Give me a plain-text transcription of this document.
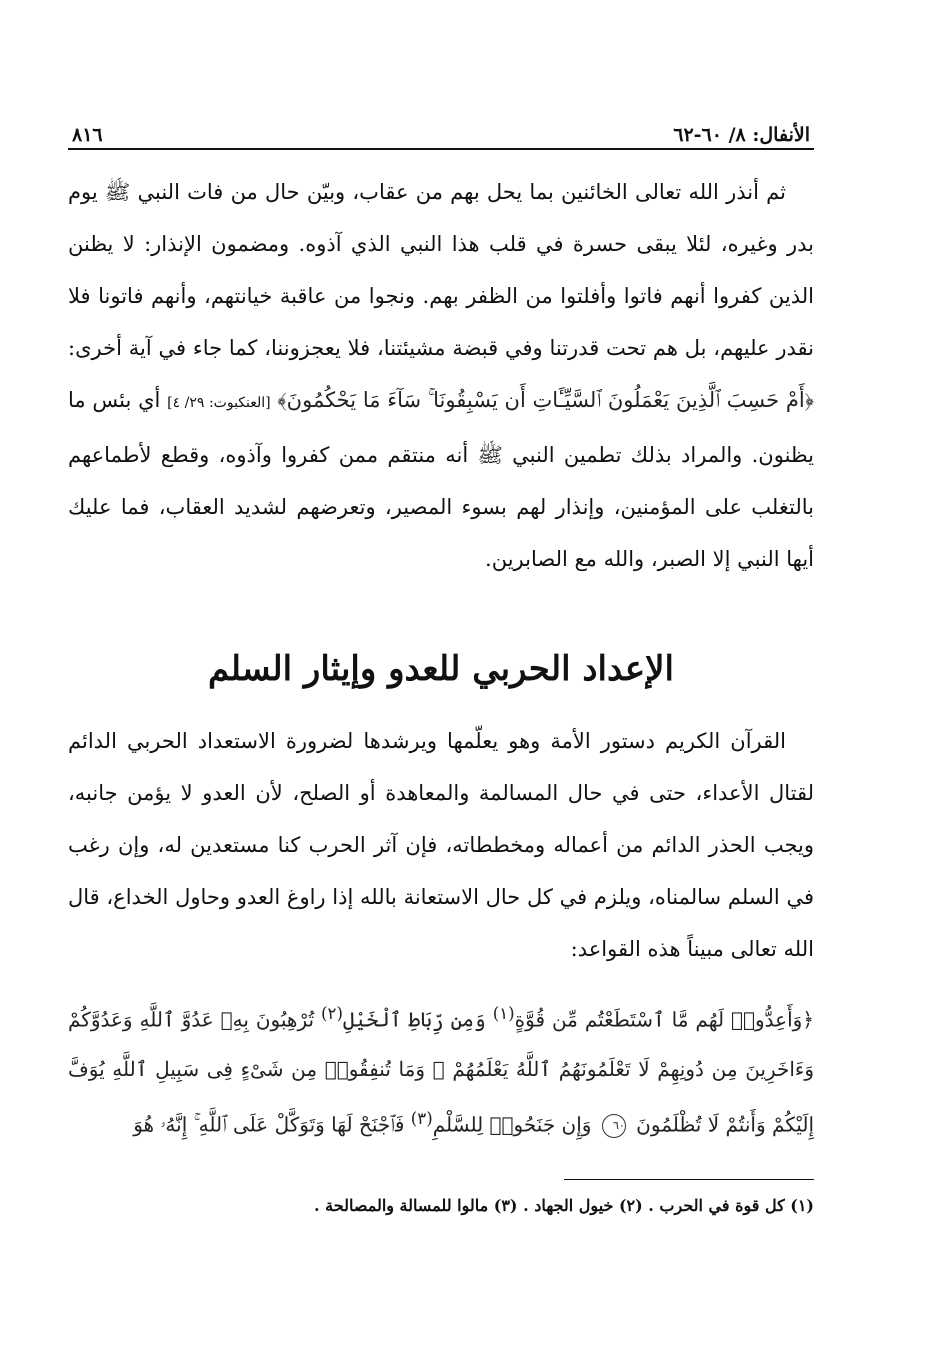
الأنفال: ٨/ ٦٠-٦٢
٨١٦

ثم أنذر الله تعالى الخائنين بما يحل بهم من عقاب، وبيّن حال من فات النبي ﷺ يوم بدر وغيره، لئلا يبقى حسرة في قلب هذا النبي الذي آذوه. ومضمون الإنذار: لا يظنن الذين كفروا أنهم فاتوا وأفلتوا من الظفر بهم. ونجوا من عاقبة خيانتهم، وأنهم فاتونا فلا نقدر عليهم، بل هم تحت قدرتنا وفي قبضة مشيئتنا، فلا يعجزوننا، كما جاء في آية أخرى: ﴿أَمْ حَسِبَ ٱلَّذِينَ يَعْمَلُونَ ٱلسَّيِّـَٔاتِ أَن يَسْبِقُونَا ۚ سَآءَ مَا يَحْكُمُونَ﴾ [العنكبوت: ٢٩/ ٤] أي بئس ما يظنون. والمراد بذلك تطمين النبي ﷺ أنه منتقم ممن كفروا وآذوه، وقطع لأطماعهم بالتغلب على المؤمنين، وإنذار لهم بسوء المصير، وتعرضهم لشديد العقاب، فما عليك أيها النبي إلا الصبر، والله مع الصابرين.

الإعداد الحربي للعدو وإيثار السلم

القرآن الكريم دستور الأمة وهو يعلّمها ويرشدها لضرورة الاستعداد الحربي الدائم لقتال الأعداء، حتى في حال المسالمة والمعاهدة أو الصلح، لأن العدو لا يؤمن جانبه، ويجب الحذر الدائم من أعماله ومخططاته، فإن آثر الحرب كنا مستعدين له، وإن رغب في السلم سالمناه، ويلزم في كل حال الاستعانة بالله إذا راوغ العدو وحاول الخداع، قال الله تعالى مبيناً هذه القواعد:

﴿وَأَعِدُّوا۟ لَهُم مَّا ٱسْتَطَعْتُم مِّن قُوَّةٍ$^{(١)}$ وَمِن رِّبَاطِ ٱلْخَيْلِ$^{(٢)}$ تُرْهِبُونَ بِهِۦ عَدُوَّ ٱللَّهِ وَعَدُوَّكُمْ وَءَاخَرِينَ مِن دُونِهِمْ لَا تَعْلَمُونَهُمُ ٱللَّهُ يَعْلَمُهُمْ ۚ وَمَا تُنفِقُوا۟ مِن شَىْءٍ فِى سَبِيلِ ٱللَّهِ يُوَفَّ إِلَيْكُمْ وَأَنتُمْ لَا تُظْلَمُونَ ٦٠ وَإِن جَنَحُوا۟ لِلسَّلْمِ$^{(٣)}$ فَٱجْنَحْ لَهَا وَتَوَكَّلْ عَلَى ٱللَّهِ ۚ إِنَّهُۥ هُوَ

(١) كل قوة في الحرب . (٢) خيول الجهاد . (٣) مالوا للمسالة والمصالحة .
